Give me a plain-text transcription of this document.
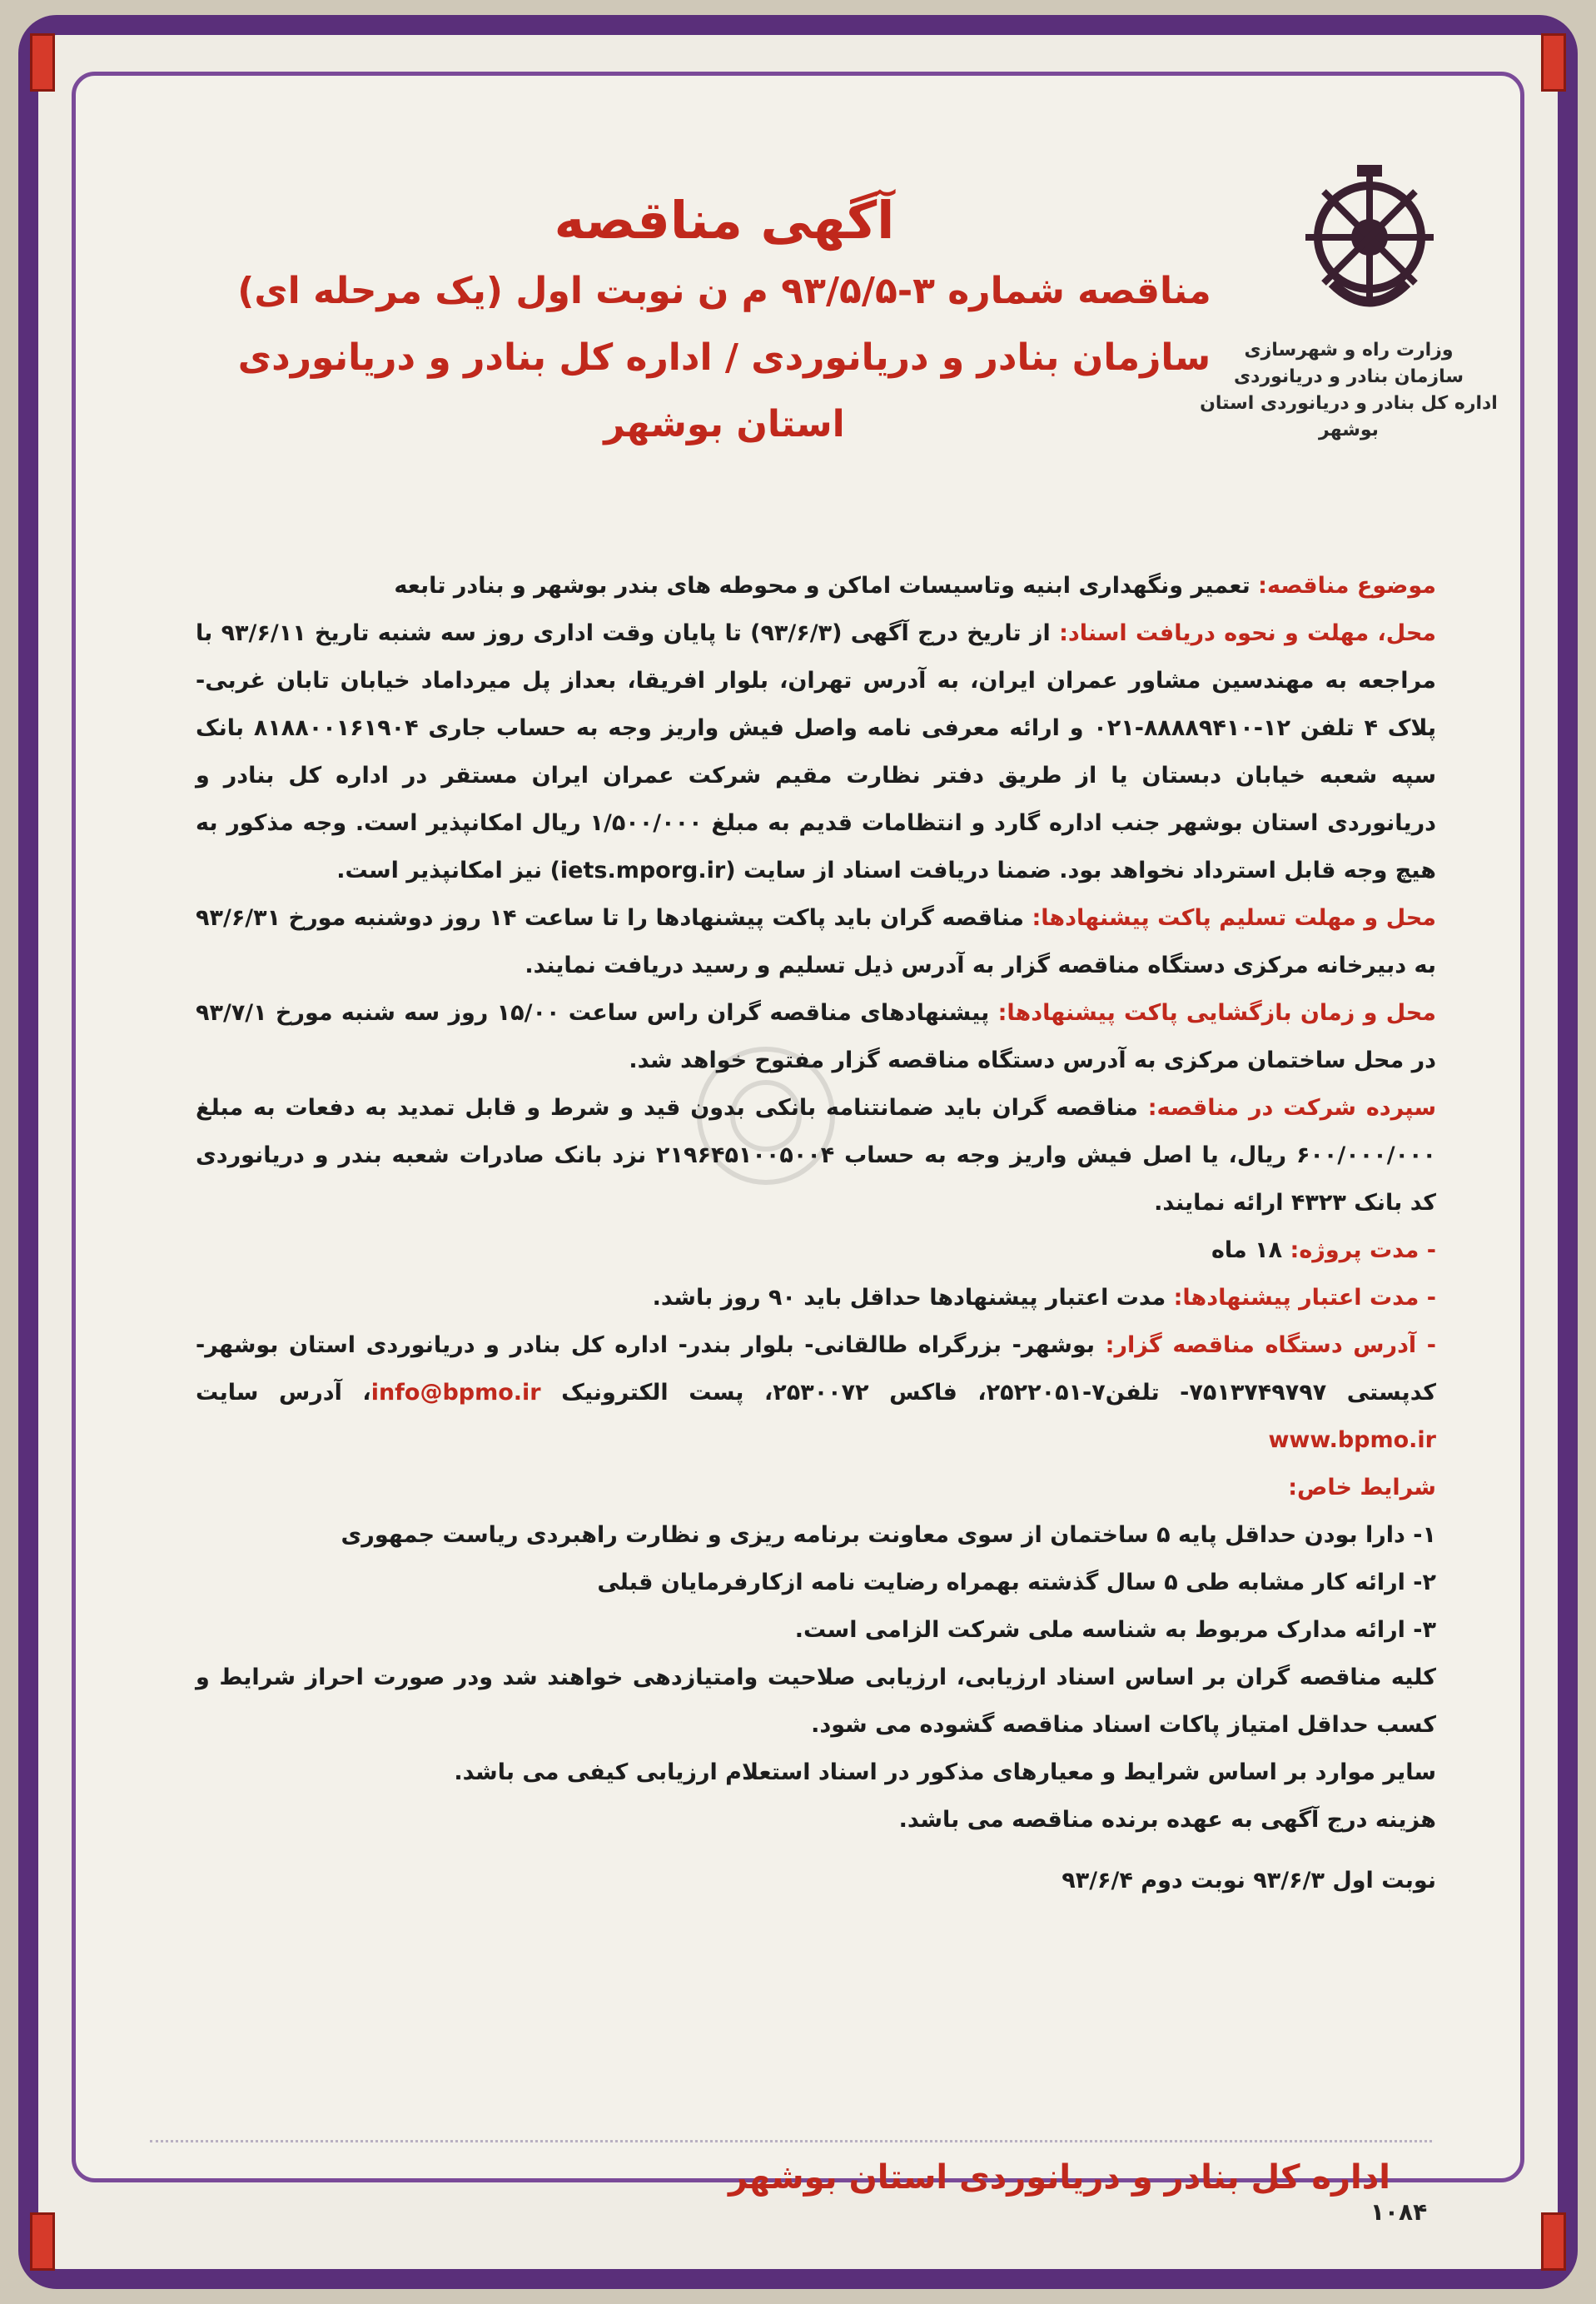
وزارت راه و شهرسازی
سازمان بنادر و دریانوردی
اداره کل بنادر و دریانوردی استان بوشهر
آگهی مناقصه
مناقصه شماره ۳-۹۳/۵/۵ م ن نوبت اول (یک مرحله ای)
سازمان بنادر و دریانوردی / اداره کل بنادر و دریانوردی استان بوشهر

موضوع مناقصه: تعمیر ونگهداری ابنیه وتاسیسات اماکن و محوطه های بندر بوشهر و بنادر تابعه

محل، مهلت و نحوه دریافت اسناد: از تاریخ درج آگهی (۹۳/۶/۳) تا پایان وقت اداری روز سه شنبه تاریخ ۹۳/۶/۱۱ با مراجعه به مهندسین مشاور عمران ایران، به آدرس تهران، بلوار افریقا، بعداز پل میرداماد خیابان تابان غربی- پلاک ۴ تلفن ۱۲-۸۸۸۸۹۴۱۰-۰۲۱ و ارائه معرفی نامه واصل فیش واریز وجه به حساب جاری ۸۱۸۸۰۰۱۶۱۹۰۴ بانک سپه شعبه خیابان دبستان یا از طریق دفتر نظارت مقیم شرکت عمران ایران مستقر در اداره کل بنادر و دریانوردی استان بوشهر جنب اداره گارد و انتظامات قدیم به مبلغ ۱/۵۰۰/۰۰۰ ریال امکانپذیر است. وجه مذکور به هیچ وجه قابل استرداد نخواهد بود. ضمنا دریافت اسناد از سایت (iets.mporg.ir) نیز امکانپذیر است.

محل و مهلت تسلیم پاکت پیشنهادها: مناقصه گران باید پاکت پیشنهادها را تا ساعت ۱۴ روز دوشنبه مورخ ۹۳/۶/۳۱ به دبیرخانه مرکزی دستگاه مناقصه گزار به آدرس ذیل تسلیم و رسید دریافت نمایند.

محل و زمان بازگشایی پاکت پیشنهادها: پیشنهادهای مناقصه گران راس ساعت ۱۵/۰۰ روز سه شنبه مورخ ۹۳/۷/۱ در محل ساختمان مرکزی به آدرس دستگاه مناقصه گزار مفتوح خواهد شد.

سپرده شرکت در مناقصه: مناقصه گران باید ضمانتنامه بانکی بدون قید و شرط و قابل تمدید به دفعات به مبلغ ۶۰۰/۰۰۰/۰۰۰ ریال، یا اصل فیش واریز وجه به حساب ۲۱۹۶۴۵۱۰۰۵۰۰۴ نزد بانک صادرات شعبه بندر و دریانوردی کد بانک ۴۳۲۳ ارائه نمایند.

- مدت پروژه: ۱۸ ماه

- مدت اعتبار پیشنهادها: مدت اعتبار پیشنهادها حداقل باید ۹۰ روز باشد.

- آدرس دستگاه مناقصه گزار: بوشهر- بزرگراه طالقانی- بلوار بندر- اداره کل بنادر و دریانوردی استان بوشهر- کدپستی ۷۵۱۳۷۴۹۷۹۷- تلفن۷-۲۵۲۲۰۵۱، فاکس ۲۵۳۰۰۷۲، پست الکترونیک info@bpmo.ir، آدرس سایت www.bpmo.ir

شرایط خاص:

۱- دارا بودن حداقل پایه ۵ ساختمان از سوی معاونت برنامه ریزی و نظارت راهبردی ریاست جمهوری

۲- ارائه کار مشابه طی ۵ سال گذشته بهمراه رضایت نامه ازکارفرمایان قبلی

۳- ارائه مدارک مربوط به شناسه ملی شرکت الزامی است.

کلیه مناقصه گران بر اساس اسناد ارزیابی، ارزیابی صلاحیت وامتیازدهی خواهند شد ودر صورت احراز شرایط و کسب حداقل امتیاز پاکات اسناد مناقصه گشوده می شود.

سایر موارد بر اساس شرایط و معیارهای مذکور در اسناد استعلام ارزیابی کیفی می باشد.

هزینه درج آگهی به عهده برنده مناقصه می باشد.

نوبت اول ۹۳/۶/۳ نوبت دوم ۹۳/۶/۴

اداره کل بنادر و دریانوردی استان بوشهر
۱۰۸۴
